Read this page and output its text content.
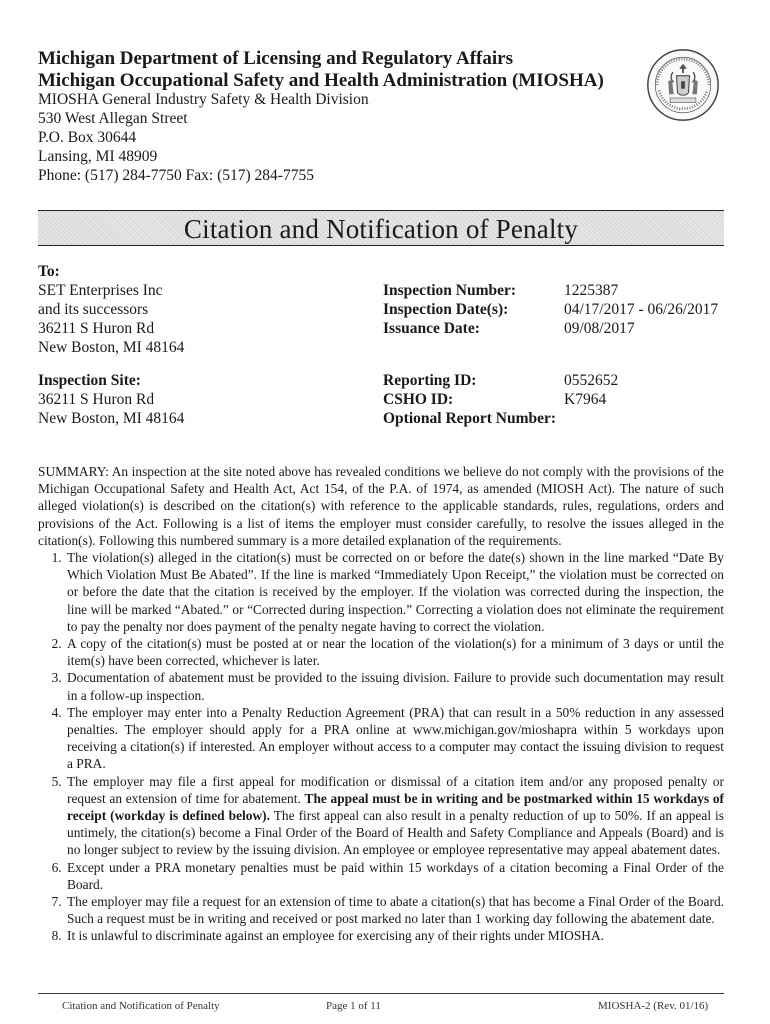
Michigan Department of Licensing and Regulatory Affairs
Michigan Occupational Safety and Health Administration (MIOSHA)
MIOSHA General Industry Safety & Health Division
530 West Allegan Street
P.O. Box 30644
Lansing, MI 48909
Phone: (517) 284-7750 Fax: (517) 284-7755
Citation and Notification of Penalty
To:
SET Enterprises Inc
and its successors
36211 S Huron Rd
New Boston, MI 48164
Inspection Number:	1225387
Inspection Date(s):	04/17/2017 - 06/26/2017
Issuance Date:	09/08/2017
Inspection Site:
36211 S Huron Rd
New Boston, MI 48164
Reporting ID:	0552652
CSHO ID:	K7964
Optional Report Number:

SUMMARY: An inspection at the site noted above has revealed conditions we believe do not comply with the provisions of the Michigan Occupational Safety and Health Act, Act 154, of the P.A. of 1974, as amended (MIOSH Act). The nature of such alleged violation(s) is described on the citation(s) with reference to the applicable standards, rules, regulations, orders and provisions of the Act. Following is a list of items the employer must consider carefully, to resolve the issues alleged in the citation(s). Following this numbered summary is a more detailed explanation of the requirements.

1. The violation(s) alleged in the citation(s) must be corrected on or before the date(s) shown in the line marked “Date By Which Violation Must Be Abated”. If the line is marked “Immediately Upon Receipt,” the violation must be corrected on or before the date that the citation is received by the employer. If the violation was corrected during the inspection, the line will be marked “Abated.” or “Corrected during inspection.” Correcting a violation does not eliminate the requirement to pay the penalty nor does payment of the penalty negate having to correct the violation.
2. A copy of the citation(s) must be posted at or near the location of the violation(s) for a minimum of 3 days or until the item(s) have been corrected, whichever is later.
3. Documentation of abatement must be provided to the issuing division. Failure to provide such documentation may result in a follow-up inspection.
4. The employer may enter into a Penalty Reduction Agreement (PRA) that can result in a 50% reduction in any assessed penalties. The employer should apply for a PRA online at www.michigan.gov/mioshapra within 5 workdays upon receiving a citation(s) if interested. An employer without access to a computer may contact the issuing division to request a PRA.
5. The employer may file a first appeal for modification or dismissal of a citation item and/or any proposed penalty or request an extension of time for abatement. The appeal must be in writing and be postmarked within 15 workdays of receipt (workday is defined below). The first appeal can also result in a penalty reduction of up to 50%. If an appeal is untimely, the citation(s) become a Final Order of the Board of Health and Safety Compliance and Appeals (Board) and is no longer subject to review by the issuing division. An employee or employee representative may appeal abatement dates.
6. Except under a PRA monetary penalties must be paid within 15 workdays of a citation becoming a Final Order of the Board.
7. The employer may file a request for an extension of time to abate a citation(s) that has become a Final Order of the Board. Such a request must be in writing and received or post marked no later than 1 working day following the abatement date.
8. It is unlawful to discriminate against an employee for exercising any of their rights under MIOSHA.
Citation and Notification of Penalty	Page 1 of 11	MIOSHA-2 (Rev. 01/16)
